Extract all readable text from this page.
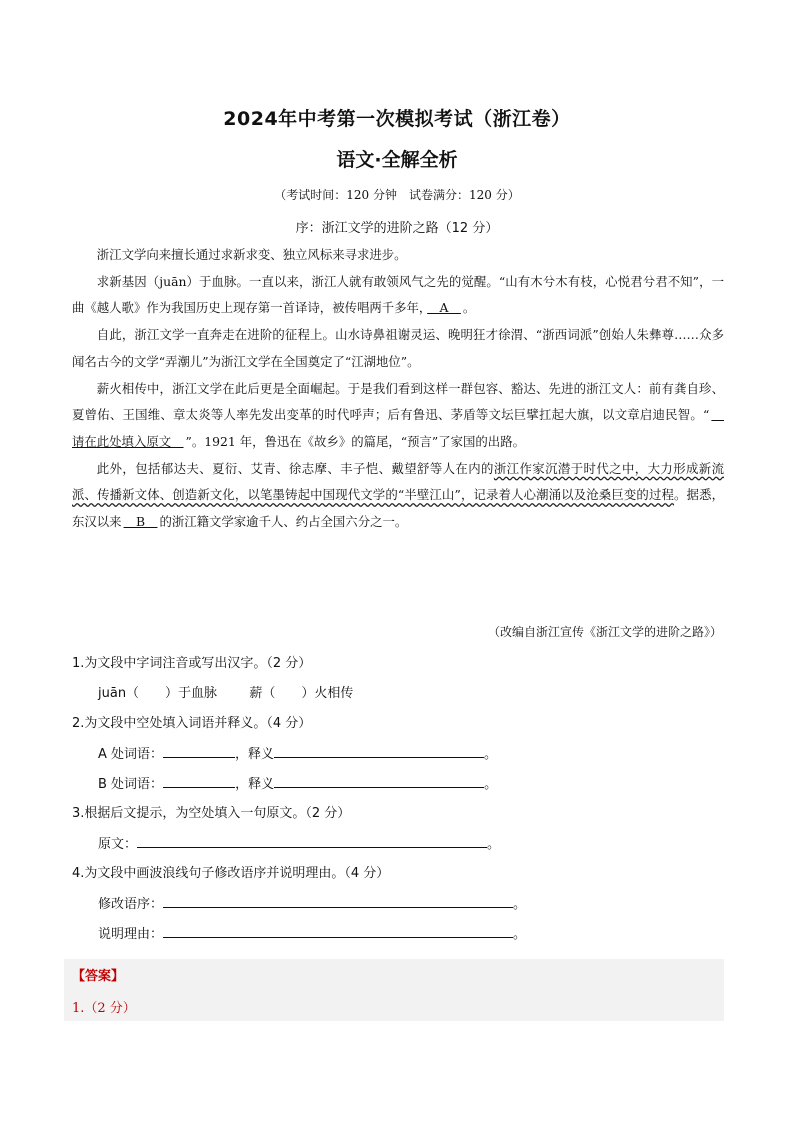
2024年中考第一次模拟考试（浙江卷）
语文·全解全析
（考试时间：120 分钟　试卷满分：120 分）
序：浙江文学的进阶之路（12 分）

浙江文学向来擅长通过求新求变、独立风标来寻求进步。

求新基因（juān）于血脉。一直以来，浙江人就有敢领风气之先的觉醒。“山有木兮木有枝，心悦君兮君不知”，一曲《越人歌》作为我国历史上现存第一首译诗，被传唱两千多年，　A　。

自此，浙江文学一直奔走在进阶的征程上。山水诗鼻祖谢灵运、晚明狂才徐渭、“浙西词派”创始人朱彝尊……众多闻名古今的文学“弄潮儿”为浙江文学在全国奠定了“江湖地位”。

薪火相传中，浙江文学在此后更是全面崛起。于是我们看到这样一群包容、豁达、先进的浙江文人：前有龚自珍、夏曾佑、王国维、章太炎等人率先发出变革的时代呼声；后有鲁迅、茅盾等文坛巨擘扛起大旗，以文章启迪民智。“　请在此处填入原文　”。1921 年，鲁迅在《故乡》的篇尾，“预言”了家国的出路。

此外，包括郁达夫、夏衍、艾青、徐志摩、丰子恺、戴望舒等人在内的浙江作家沉潜于时代之中，大力形成新流派、传播新文体、创造新文化，以笔墨铸起中国现代文学的“半壁江山”，记录着人心潮涌以及沧桑巨变的过程。据悉，东汉以来　B　的浙江籍文学家逾千人、约占全国六分之一。

（改编自浙江宣传《浙江文学的进阶之路》）
1.为文段中字词注音或写出汉字。（2 分）
juān（　　）于血脉 薪（　　）火相传
2.为文段中空处填入词语并释义。（4 分）
A 处词语：	，释义	。
B 处词语：	，释义	。
3.根据后文提示，为空处填入一句原文。（2 分）
原文：	。
4.为文段中画波浪线句子修改语序并说明理由。（4 分）
修改语序：	。
说明理由：	。
【答案】
1.（2 分）
